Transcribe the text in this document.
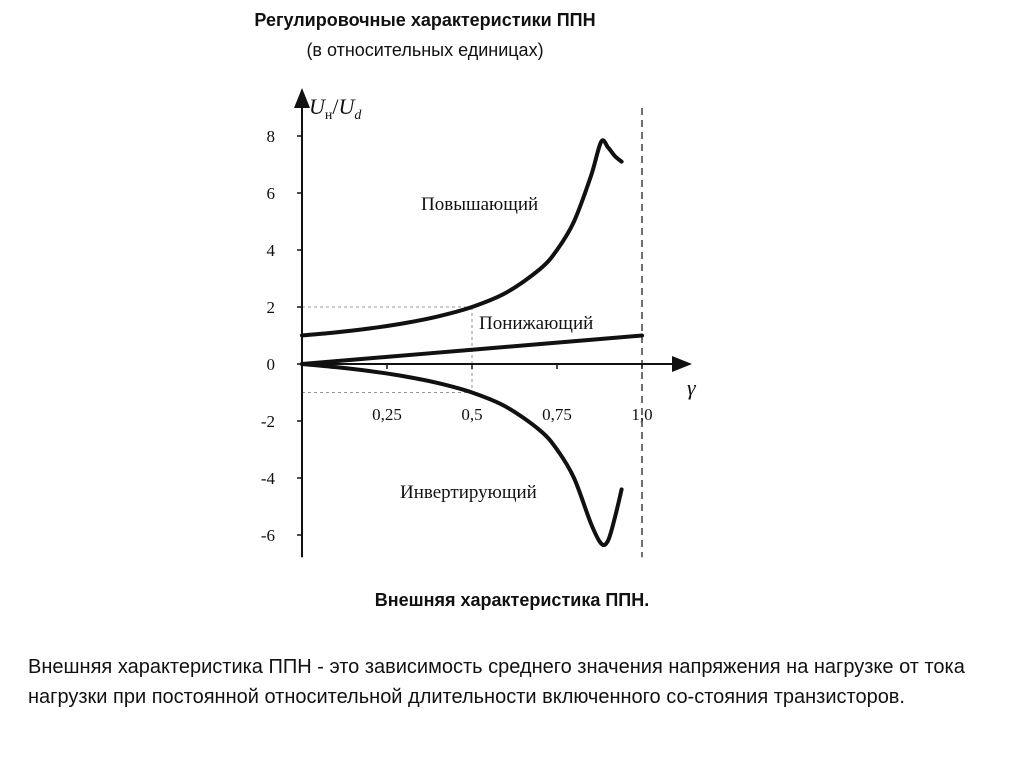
Регулировочные характеристики ППН
(в относительных единицах)
8
6
4
2
0
-2
-4
-6
0,25	0,5	0,75	1,0
$U_н/U_d$
γ
Повышающий
Понижающий
Инвертирующий
Внешняя характеристика ППН.
Внешняя характеристика ППН - это зависимость среднего значения напряжения на нагрузке от тока нагрузки при постоянной относительной длительности включенного со-стояния транзисторов.
